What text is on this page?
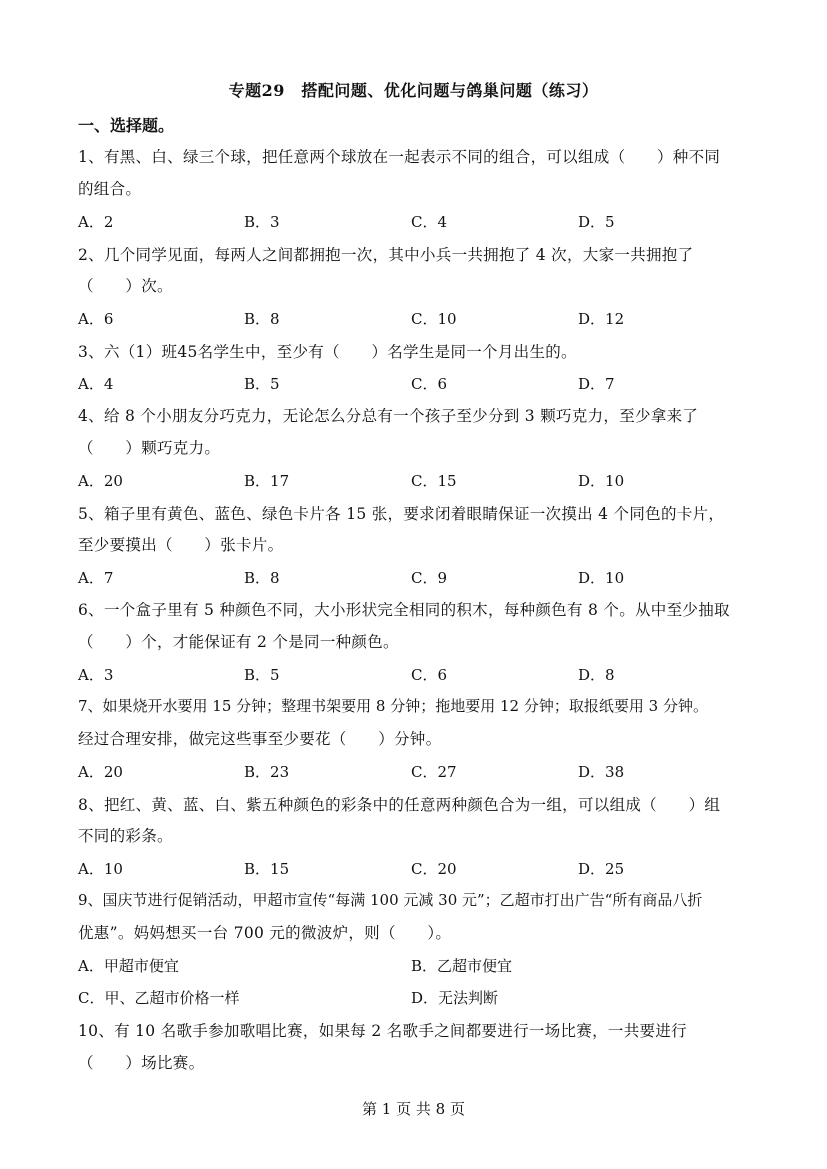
专题29　搭配问题、优化问题与鸽巢问题（练习）
一、选择题。
1、有黑、白、绿三个球，把任意两个球放在一起表示不同的组合，可以组成（　　）种不同
的组合。
A．2	B．3	C．4	D．5
2、几个同学见面，每两人之间都拥抱一次，其中小兵一共拥抱了 4 次，大家一共拥抱了
（　　）次。
A．6	B．8	C．10	D．12
3、六（1）班45名学生中，至少有（　　）名学生是同一个月出生的。
A．4	B．5	C．6	D．7
4、给 8 个小朋友分巧克力，无论怎么分总有一个孩子至少分到 3 颗巧克力，至少拿来了
（　　）颗巧克力。
A．20	B．17	C．15	D．10
5、箱子里有黄色、蓝色、绿色卡片各 15 张，要求闭着眼睛保证一次摸出 4 个同色的卡片，
至少要摸出（　　）张卡片。
A．7	B．8	C．9	D．10
6、一个盒子里有 5 种颜色不同，大小形状完全相同的积木，每种颜色有 8 个。从中至少抽取
（　　）个，才能保证有 2 个是同一种颜色。
A．3	B．5	C．6	D．8
7、如果烧开水要用 15 分钟；整理书架要用 8 分钟；拖地要用 12 分钟；取报纸要用 3 分钟。
经过合理安排，做完这些事至少要花（　　）分钟。
A．20	B．23	C．27	D．38
8、把红、黄、蓝、白、紫五种颜色的彩条中的任意两种颜色合为一组，可以组成（　　）组
不同的彩条。
A．10	B．15	C．20	D．25
9、国庆节进行促销活动，甲超市宣传“每满 100 元减 30 元”；乙超市打出广告“所有商品八折
优惠”。妈妈想买一台 700 元的微波炉，则（　　）。
A．甲超市便宜	B．乙超市便宜
C．甲、乙超市价格一样	D．无法判断
10、有 10 名歌手参加歌唱比赛，如果每 2 名歌手之间都要进行一场比赛，一共要进行
（　　）场比赛。
第 1 页 共 8 页
